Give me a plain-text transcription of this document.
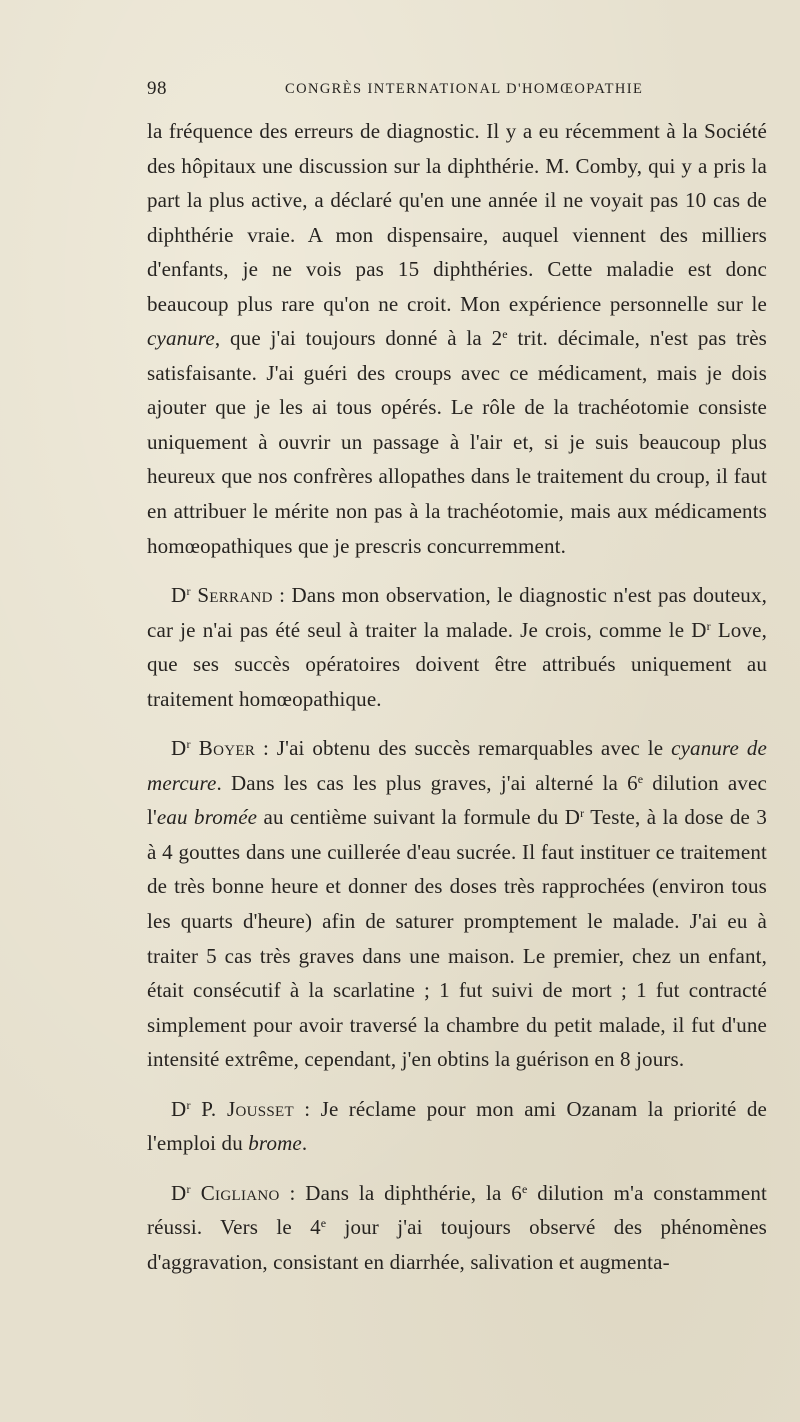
98	CONGRÈS INTERNATIONAL D'HOMŒOPATHIE

la fréquence des erreurs de diagnostic. Il y a eu récemment à la Société des hôpitaux une discussion sur la diphthérie. M. Comby, qui y a pris la part la plus active, a déclaré qu'en une année il ne voyait pas 10 cas de diphthérie vraie. A mon dispensaire, auquel viennent des milliers d'enfants, je ne vois pas 15 diphthéries. Cette maladie est donc beaucoup plus rare qu'on ne croit. Mon expérience personnelle sur le cyanure, que j'ai toujours donné à la 2e trit. décimale, n'est pas très satisfaisante. J'ai guéri des croups avec ce médicament, mais je dois ajouter que je les ai tous opérés. Le rôle de la trachéotomie consiste uniquement à ouvrir un passage à l'air et, si je suis beaucoup plus heureux que nos confrères allopathes dans le traitement du croup, il faut en attribuer le mérite non pas à la trachéotomie, mais aux médicaments homœopathiques que je prescris concurremment.

$D^r$ Serrand : Dans mon observation, le diagnostic n'est pas douteux, car je n'ai pas été seul à traiter la malade. Je crois, comme le $D^r$ Love, que ses succès opératoires doivent être attribués uniquement au traitement homœopathique.

$D^r$ Boyer : J'ai obtenu des succès remarquables avec le cyanure de mercure. Dans les cas les plus graves, j'ai alterné la 6e dilution avec l'eau bromée au centième suivant la formule du $D^r$ Teste, à la dose de 3 à 4 gouttes dans une cuillerée d'eau sucrée. Il faut instituer ce traitement de très bonne heure et donner des doses très rapprochées (environ tous les quarts d'heure) afin de saturer promptement le malade. J'ai eu à traiter 5 cas très graves dans une maison. Le premier, chez un enfant, était consécutif à la scarlatine ; 1 fut suivi de mort ; 1 fut contracté simplement pour avoir traversé la chambre du petit malade, il fut d'une intensité extrême, cependant, j'en obtins la guérison en 8 jours.

$D^r$ P. Jousset : Je réclame pour mon ami Ozanam la priorité de l'emploi du brome.

$D^r$ Cigliano : Dans la diphthérie, la 6e dilution m'a constamment réussi. Vers le 4e jour j'ai toujours observé des phénomènes d'aggravation, consistant en diarrhée, salivation et augmenta-
